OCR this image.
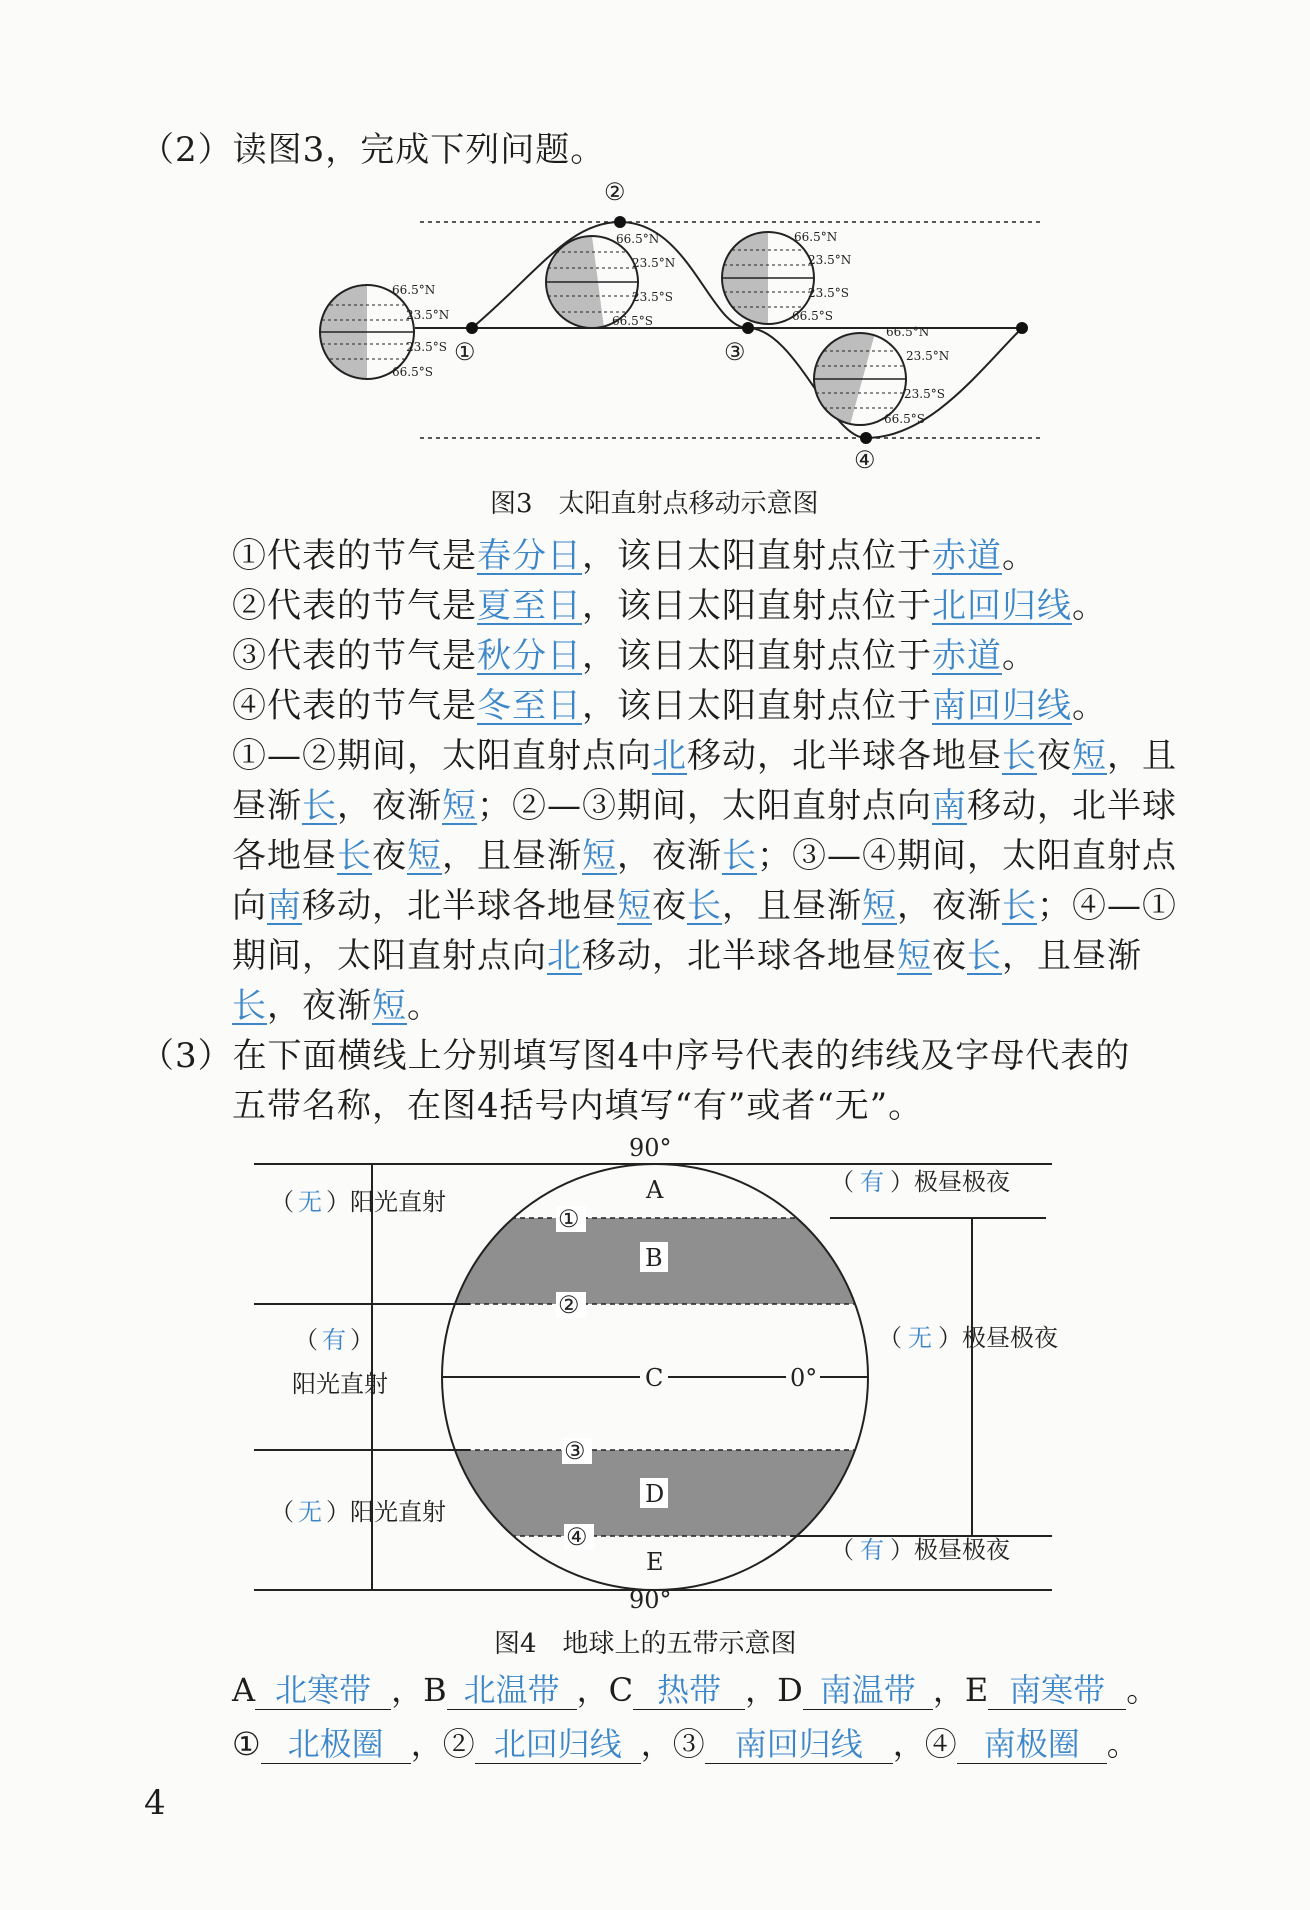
（2）读图3，完成下列问题。
66.5°N
23.5°N
23.5°S
66.5°S
66.5°N
23.5°N
23.5°S
66.5°S
66.5°N
23.5°N
23.5°S
66.5°S
66.5°N
23.5°N
23.5°S
66.5°S
①
②
③
④
图3　太阳直射点移动示意图
①代表的节气是春分日，该日太阳直射点位于赤道。
②代表的节气是夏至日，该日太阳直射点位于北回归线。
③代表的节气是秋分日，该日太阳直射点位于赤道。
④代表的节气是冬至日，该日太阳直射点位于南回归线。
①—②期间，太阳直射点向北移动，北半球各地昼长夜短，且
昼渐长，夜渐短；②—③期间，太阳直射点向南移动，北半球
各地昼长夜短，且昼渐短，夜渐长；③—④期间，太阳直射点
向南移动，北半球各地昼短夜长，且昼渐短，夜渐长；④—①
期间，太阳直射点向北移动，北半球各地昼短夜长，且昼渐
长，夜渐短。
（3）在下面横线上分别填写图4中序号代表的纬线及字母代表的
五带名称，在图4括号内填写“有”或者“无”。
90°
90°
0°
A
B
C
D
E
①
②
③
④
（ 无 ）阳光直射
（ 有 ）
阳光直射
（ 无 ）阳光直射
（ 有 ）极昼极夜
（ 无 ）极昼极夜
（ 有 ）极昼极夜
图4　地球上的五带示意图
A 北寒带 ，B 北温带 ，C 热带 ，D 南温带 ，E 南寒带 。
① 北极圈 ，② 北回归线 ，③ 南回归线 ，④ 南极圈 。
4
